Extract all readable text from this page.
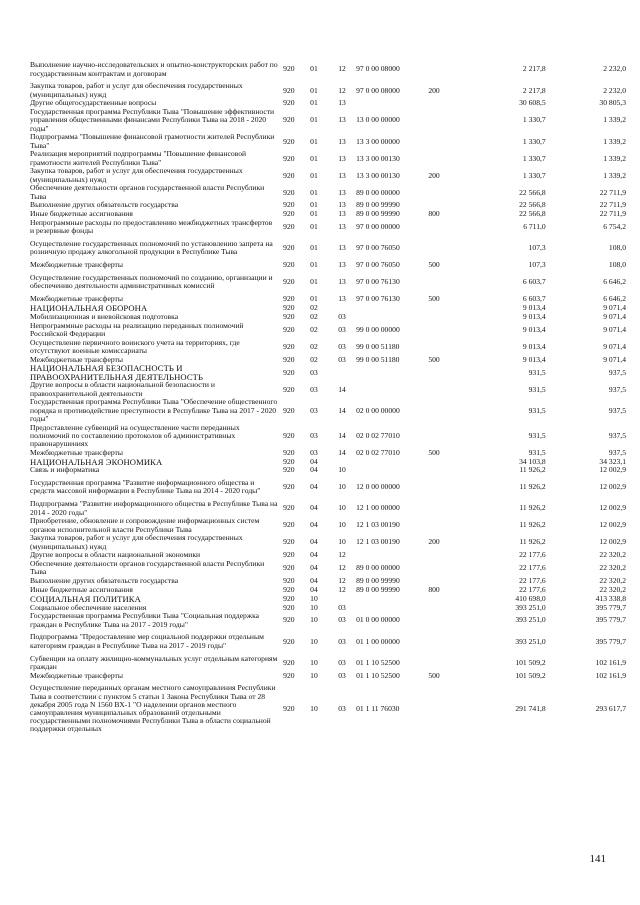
Выполнение научно-исследовательских и опытно-конструкторских работ по государственным контрактам и договорам	920	01	12	97 0 00 08000		2 217,8	2 232,0
Закупка товаров, работ и услуг для обеспечения государственных (муниципальных) нужд	920	01	12	97 0 00 08000	200	2 217,8	2 232,0
Другие общегосударственные вопросы	920	01	13			30 608,5	30 805,3
Государственная программа Республики Тыва "Повышение эффективности управления общественными финансами Республики Тыва на 2018 - 2020 годы"	920	01	13	13 0 00 00000		1 330,7	1 339,2
Подпрограмма "Повышение финансовой грамотности жителей Республики Тыва"	920	01	13	13 3 00 00000		1 330,7	1 339,2
Реализация мероприятий подпрограммы "Повышение финансовой грамотности жителей Республики Тыва"	920	01	13	13 3 00 00130		1 330,7	1 339,2
Закупка товаров, работ и услуг для обеспечения государственных (муниципальных) нужд	920	01	13	13 3 00 00130	200	1 330,7	1 339,2
Обеспечение деятельности органов государственной власти Республики Тыва	920	01	13	89 0 00 00000		22 566,8	22 711,9
Выполнение других обязательств государства	920	01	13	89 0 00 99990		22 566,8	22 711,9
Иные бюджетные ассигнования	920	01	13	89 0 00 99990	800	22 566,8	22 711,9
Непрограммные расходы по предоставлению межбюджетных трансфертов и резервные фонды	920	01	13	97 0 00 00000		6 711,0	6 754,2
Осуществление государственных полномочий по установлению запрета на розничную продажу алкогольной продукции в Республике Тыва	920	01	13	97 0 00 76050		107,3	108,0
Межбюджетные трансферты	920	01	13	97 0 00 76050	500	107,3	108,0
Осуществление государственных полномочий по созданию, организации и обеспечению деятельности административных комиссий	920	01	13	97 0 00 76130		6 603,7	6 646,2
Межбюджетные трансферты	920	01	13	97 0 00 76130	500	6 603,7	6 646,2
НАЦИОНАЛЬНАЯ ОБОРОНА	920	02				9 013,4	9 071,4
Мобилизационная и вневойсковая подготовка	920	02	03			9 013,4	9 071,4
Непрограммные расходы на реализацию переданных полномочий Российской Федерации	920	02	03	99 0 00 00000		9 013,4	9 071,4
Осуществление первичного воинского учета на территориях, где отсутствуют военные комиссариаты	920	02	03	99 0 00 51180		9 013,4	9 071,4
Межбюджетные трансферты	920	02	03	99 0 00 51180	500	9 013,4	9 071,4
НАЦИОНАЛЬНАЯ БЕЗОПАСНОСТЬ И ПРАВООХРАНИТЕЛЬНАЯ ДЕЯТЕЛЬНОСТЬ	920	03				931,5	937,5
Другие вопросы в области национальной безопасности и правоохранительной деятельности	920	03	14			931,5	937,5
Государственная программа Республики Тыва "Обеспечение общественного порядка и противодействие преступности в Республике Тыва на 2017 - 2020 годы"	920	03	14	02 0 00 00000		931,5	937,5
Предоставление субвенций на осуществление части переданных полномочий по составлению протоколов об административных правонарушениях	920	03	14	02 0 02 77010		931,5	937,5
Межбюджетные трансферты	920	03	14	02 0 02 77010	500	931,5	937,5
НАЦИОНАЛЬНАЯ ЭКОНОМИКА	920	04				34 103,8	34 323,1
Связь и информатика	920	04	10			11 926,2	12 002,9
Государственная программа "Развитие информационного общества и средств массовой информации в Республике Тыва на 2014 - 2020 годы"	920	04	10	12 0 00 00000		11 926,2	12 002,9
Подпрограмма "Развитие информационного общества в Республике Тыва на 2014 - 2020 годы"	920	04	10	12 1 00 00000		11 926,2	12 002,9
Приобретение, обновление и сопровождение информационных систем органов исполнительной власти Республики Тыва	920	04	10	12 1 03 00190		11 926,2	12 002,9
Закупка товаров, работ и услуг для обеспечения государственных (муниципальных) нужд	920	04	10	12 1 03 00190	200	11 926,2	12 002,9
Другие вопросы в области национальной экономики	920	04	12			22 177,6	22 320,2
Обеспечение деятельности органов государственной власти Республики Тыва	920	04	12	89 0 00 00000		22 177,6	22 320,2
Выполнение других обязательств государства	920	04	12	89 0 00 99990		22 177,6	22 320,2
Иные бюджетные ассигнования	920	04	12	89 0 00 99990	800	22 177,6	22 320,2
СОЦИАЛЬНАЯ ПОЛИТИКА	920	10				410 698,0	413 338,8
Социальное обеспечение населения	920	10	03			393 251,0	395 779,7
Государственная программа Республики Тыва "Социальная поддержка граждан в Республике Тыва на 2017 - 2019 годы"	920	10	03	01 0 00 00000		393 251,0	395 779,7
Подпрограмма "Предоставление мер социальной поддержки отдельным категориям граждан в Республике Тыва на 2017 - 2019 годы"	920	10	03	01 1 00 00000		393 251,0	395 779,7
Субвенции на оплату жилищно-коммунальных услуг отдельным категориям граждан	920	10	03	01 1 10 52500		101 509,2	102 161,9
Межбюджетные трансферты	920	10	03	01 1 10 52500	500	101 509,2	102 161,9
Осуществление переданных органам местного самоуправления Республики Тыва в соответствии с пунктом 5 статьи 1 Закона Республики Тыва от 28 декабря 2005 года N 1560 ВХ-1 "О наделении органов местного самоуправления муниципальных образований отдельными государственными полномочиями Республики Тыва в области социальной поддержки отдельных	920	10	03	01 1 11 76030		291 741,8	293 617,7
141
